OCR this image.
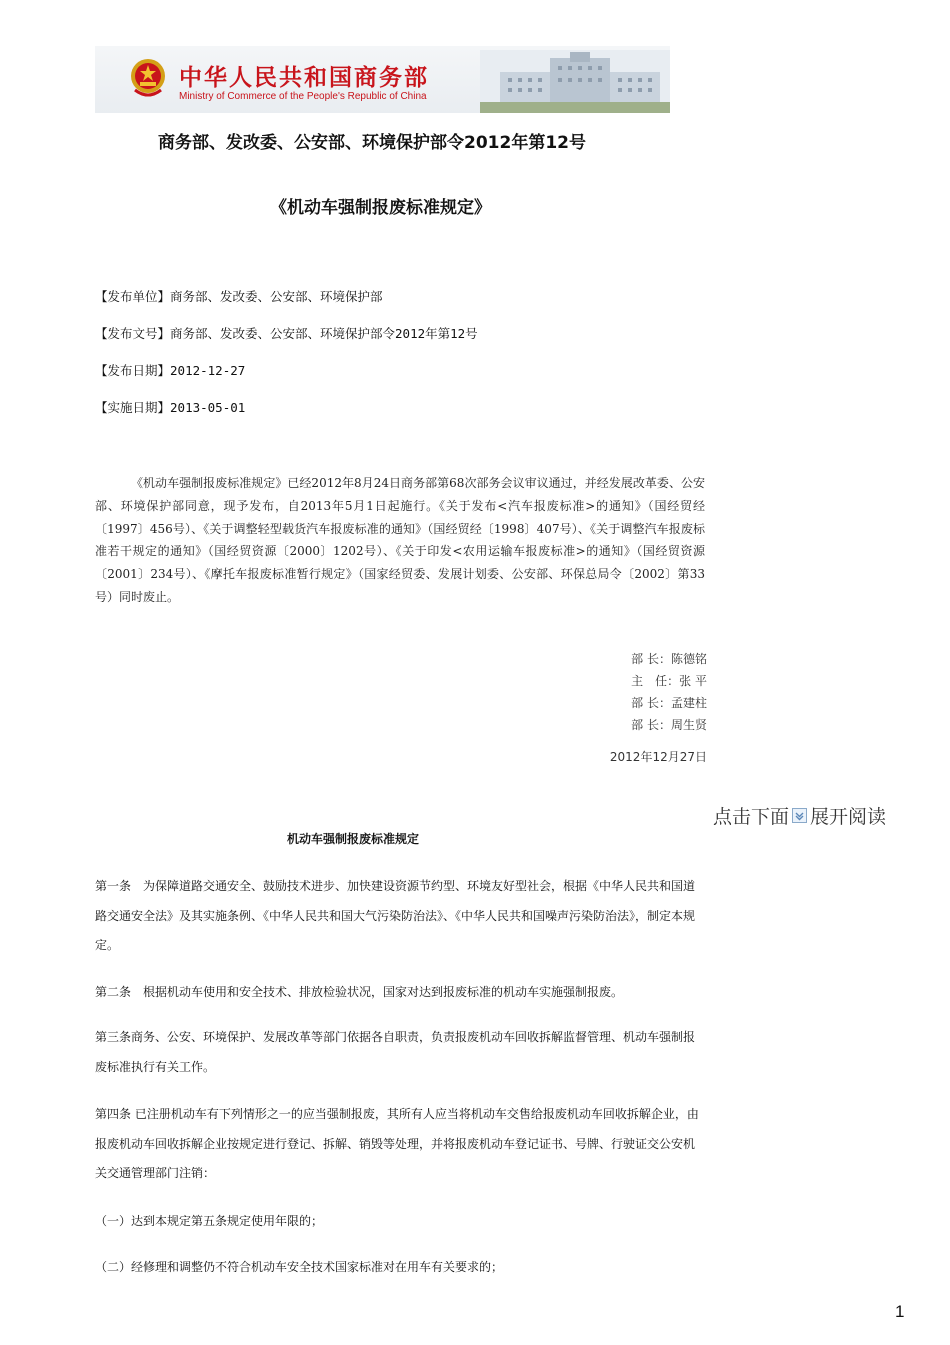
中华人民共和国商务部
Ministry of Commerce of the People's Republic of China
商务部、发改委、公安部、环境保护部令2012年第12号
《机动车强制报废标准规定》
【发布单位】商务部、发改委、公安部、环境保护部
【发布文号】商务部、发改委、公安部、环境保护部令2012年第12号
【发布日期】2012-12-27
【实施日期】2013-05-01
《机动车强制报废标准规定》已经2012年8月24日商务部第68次部务会议审议通过，并经发展改革委、公安部、环境保护部同意，现予发布，自2013年5月1日起施行。《关于发布<汽车报废标准>的通知》（国经贸经〔1997〕456号）、《关于调整轻型载货汽车报废标准的通知》（国经贸经〔1998〕407号）、《关于调整汽车报废标准若干规定的通知》（国经贸资源〔2000〕1202号）、《关于印发<农用运输车报废标准>的通知》（国经贸资源〔2001〕234号）、《摩托车报废标准暂行规定》（国家经贸委、发展计划委、公安部、环保总局令〔2002〕第33号）同时废止。
部 长：陈德铭
主　任：张 平
部 长：孟建柱
部 长：周生贤
2012年12月27日
点击下面 展开阅读
机动车强制报废标准规定
第一条　为保障道路交通安全、鼓励技术进步、加快建设资源节约型、环境友好型社会，根据《中华人民共和国道路交通安全法》及其实施条例、《中华人民共和国大气污染防治法》、《中华人民共和国噪声污染防治法》，制定本规定。
第二条　根据机动车使用和安全技术、排放检验状况，国家对达到报废标准的机动车实施强制报废。
第三条商务、公安、环境保护、发展改革等部门依据各自职责，负责报废机动车回收拆解监督管理、机动车强制报废标准执行有关工作。
第四条 已注册机动车有下列情形之一的应当强制报废，其所有人应当将机动车交售给报废机动车回收拆解企业，由报废机动车回收拆解企业按规定进行登记、拆解、销毁等处理，并将报废机动车登记证书、号牌、行驶证交公安机关交通管理部门注销：
（一）达到本规定第五条规定使用年限的；
（二）经修理和调整仍不符合机动车安全技术国家标准对在用车有关要求的；
1
